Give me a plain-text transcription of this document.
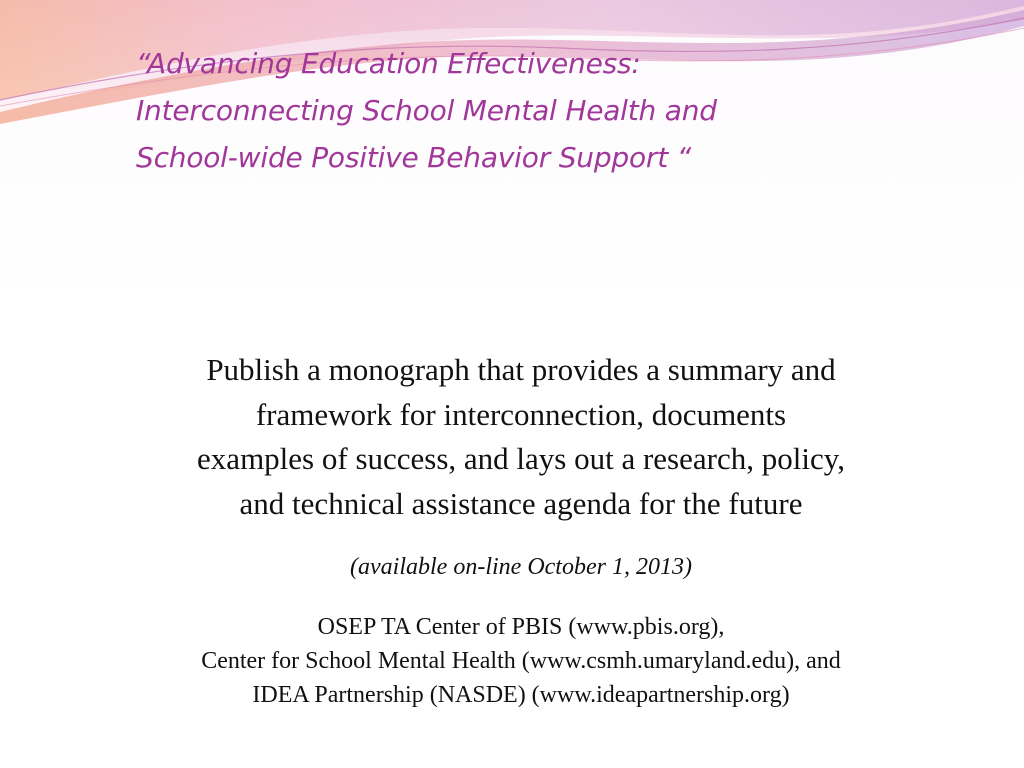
“Advancing Education Effectiveness:
Interconnecting School Mental Health and
School-wide Positive Behavior Support “

Publish a monograph that provides a summary and
framework for interconnection, documents
examples of success, and lays out a research, policy,
and technical assistance agenda for the future

(available on-line October 1, 2013)

OSEP TA Center of PBIS (www.pbis.org),
Center for School Mental Health (www.csmh.umaryland.edu), and
IDEA Partnership (NASDE) (www.ideapartnership.org)
